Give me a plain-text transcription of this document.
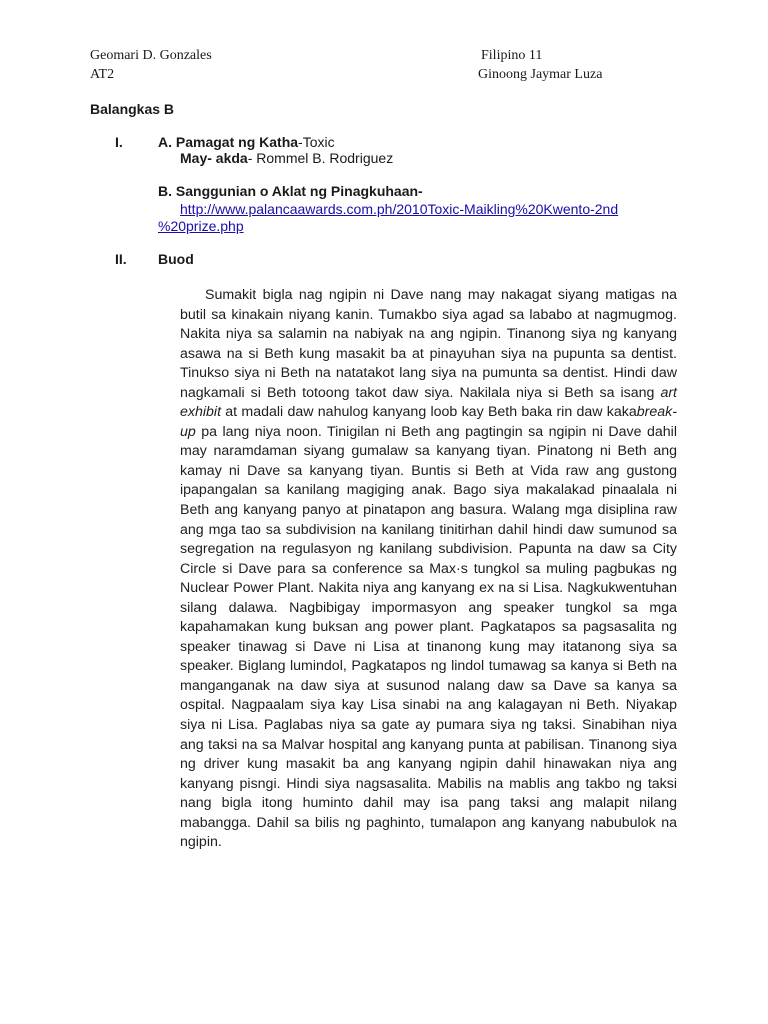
Geomari D. Gonzales
AT2
Filipino 11
Ginoong Jaymar Luza
Balangkas B
I.	A. Pamagat ng Katha-Toxic
May- akda- Rommel B. Rodriguez
B. Sanggunian o Aklat ng Pinagkuhaan-
http://www.palancaawards.com.ph/2010Toxic-Maikling%20Kwento-2nd
%20prize.php
II. Buod
Sumakit bigla nag ngipin ni Dave nang may nakagat siyang matigas na butil sa kinakain niyang kanin. Tumakbo siya agad sa lababo at nagmugmog. Nakita niya sa salamin na nabiyak na ang ngipin. Tinanong siya ng kanyang asawa na si Beth kung masakit ba at pinayuhan siya na pupunta sa dentist. Tinukso siya ni Beth na natatakot lang siya na pumunta sa dentist. Hindi daw nagkamali si Beth totoong takot daw siya. Nakilala niya si Beth sa isang art exhibit at madali daw nahulog kanyang loob kay Beth baka rin daw kakabreak-up pa lang niya noon. Tinigilan ni Beth ang pagtingin sa ngipin ni Dave dahil may naramdaman siyang gumalaw sa kanyang tiyan. Pinatong ni Beth ang kamay ni Dave sa kanyang tiyan. Buntis si Beth at Vida raw ang gustong ipapangalan sa kanilang magiging anak. Bago siya makalakad pinaalala ni Beth ang kanyang panyo at pinatapon ang basura. Walang mga disiplina raw ang mga tao sa subdivision na kanilang tinitirhan dahil hindi daw sumunod sa segregation na regulasyon ng kanilang subdivision. Papunta na daw sa City Circle si Dave para sa conference sa Max·s tungkol sa muling pagbukas ng Nuclear Power Plant. Nakita niya ang kanyang ex na si Lisa. Nagkukwentuhan silang dalawa. Nagbibigay impormasyon ang speaker tungkol sa mga kapahamakan kung buksan ang power plant. Pagkatapos sa pagsasalita ng speaker tinawag si Dave ni Lisa at tinanong kung may itatanong siya sa speaker. Biglang lumindol, Pagkatapos ng lindol tumawag sa kanya si Beth na manganganak na daw siya at susunod nalang daw sa Dave sa kanya sa ospital. Nagpaalam siya kay Lisa sinabi na ang kalagayan ni Beth. Niyakap siya ni Lisa. Paglabas niya sa gate ay pumara siya ng taksi. Sinabihan niya ang taksi na sa Malvar hospital ang kanyang punta at pabilisan. Tinanong siya ng driver kung masakit ba ang kanyang ngipin dahil hinawakan niya ang kanyang pisngi. Hindi siya nagsasalita. Mabilis na mablis ang takbo ng taksi nang bigla itong huminto dahil may isa pang taksi ang malapit nilang mabangga. Dahil sa bilis ng paghinto, tumalapon ang kanyang nabubulok na ngipin.
